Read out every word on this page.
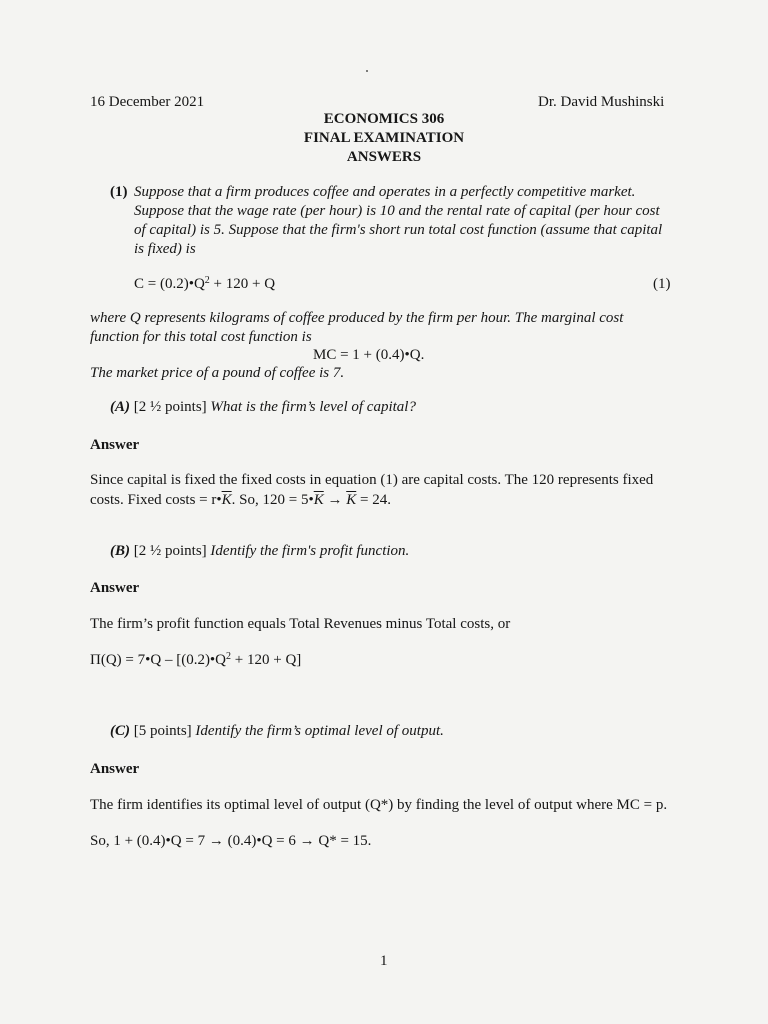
16 December 2021	Dr. David Mushinski
ECONOMICS 306
FINAL EXAMINATION
ANSWERS
(1) Suppose that a firm produces coffee and operates in a perfectly competitive market.
Suppose that the wage rate (per hour) is 10 and the rental rate of capital (per hour cost
of capital) is 5. Suppose that the firm's short run total cost function (assume that capital
is fixed) is
$C = (0.2)•Q^2 + 120 + Q$	(1)
where Q represents kilograms of coffee produced by the firm per hour. The marginal cost
function for this total cost function is
MC = 1 + (0.4)•Q.
The market price of a pound of coffee is 7.
(A) [2 ½ points] What is the firm’s level of capital?
Answer
Since capital is fixed the fixed costs in equation (1) are capital costs. The 120 represents fixed
costs. Fixed costs = $r•\overline{K}$. So, $120 = 5•\overline{K} \to \overline{K} = 24$.
(B) [2 ½ points] Identify the firm's profit function.
Answer
The firm’s profit function equals Total Revenues minus Total costs, or
Π(Q) = 7•Q – $[(0.2)•Q^2 + 120 + Q]$
(C) [5 points] Identify the firm’s optimal level of output.
Answer
The firm identifies its optimal level of output (Q*) by finding the level of output where MC = p.
So, 1 + (0.4)•Q = 7 → (0.4)•Q = 6 → Q* = 15.
1
